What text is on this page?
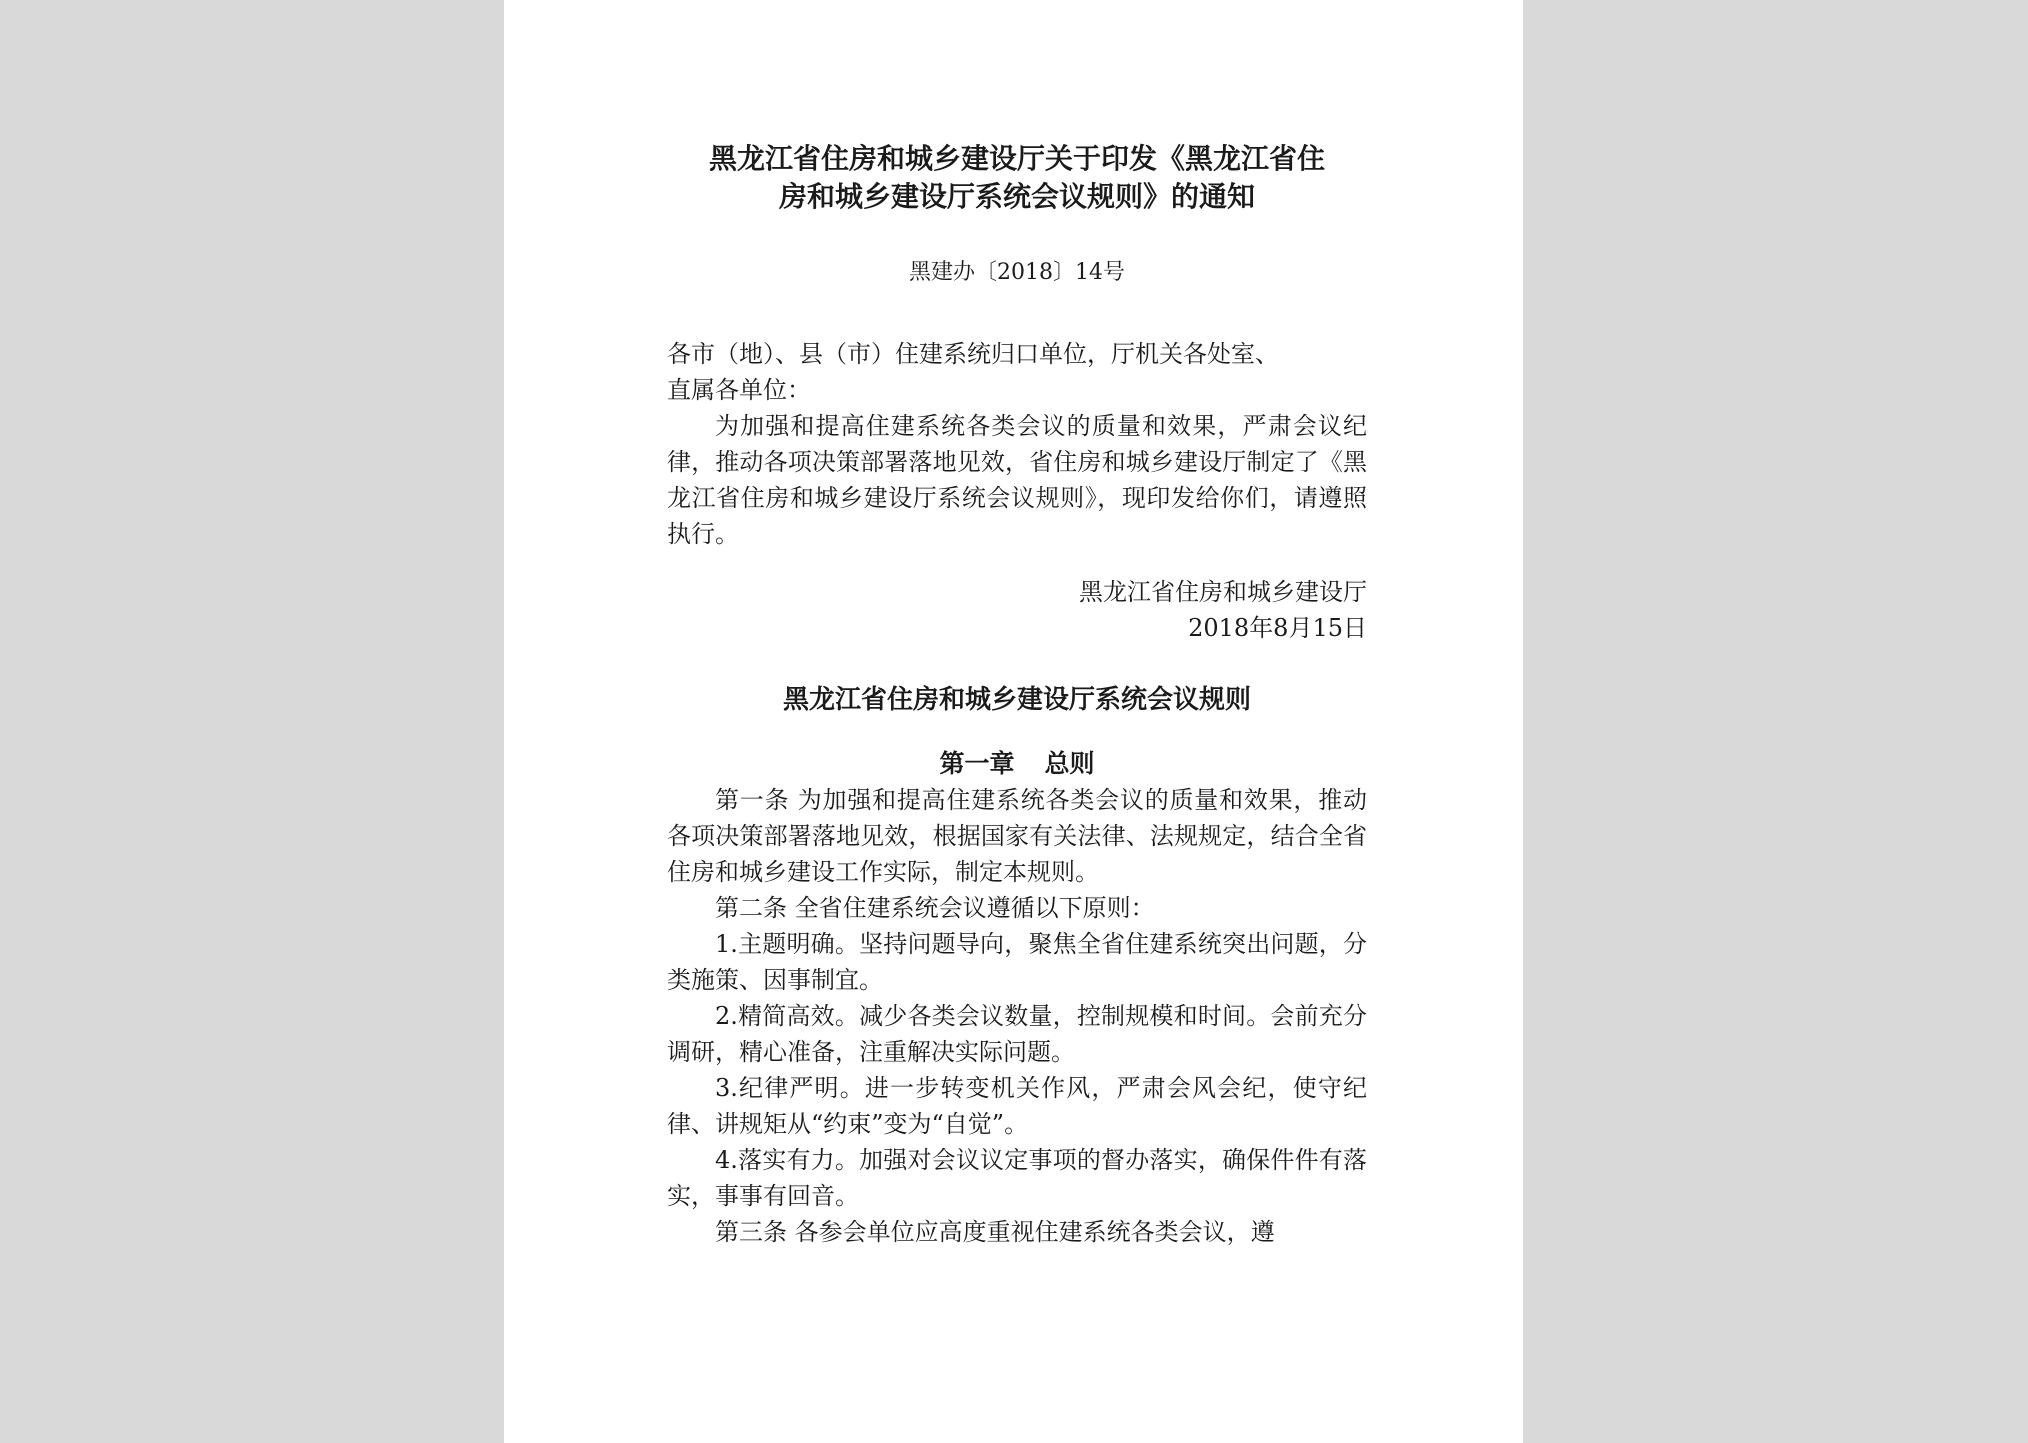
黑龙江省住房和城乡建设厅关于印发《黑龙江省住
房和城乡建设厅系统会议规则》的通知
黑建办〔2018〕14号

各市（地）、县（市）住建系统归口单位，厅机关各处室、

直属各单位：

为加强和提高住建系统各类会议的质量和效果，严肃会议纪律，推动各项决策部署落地见效，省住房和城乡建设厅制定了《黑龙江省住房和城乡建设厅系统会议规则》，现印发给你们，请遵照执行。

黑龙江省住房和城乡建设厅
2018年8月15日
黑龙江省住房和城乡建设厅系统会议规则
第一章 总则

第一条 为加强和提高住建系统各类会议的质量和效果，推动各项决策部署落地见效，根据国家有关法律、法规规定，结合全省住房和城乡建设工作实际，制定本规则。

第二条 全省住建系统会议遵循以下原则：

1.主题明确。坚持问题导向，聚焦全省住建系统突出问题，分类施策、因事制宜。

2.精简高效。减少各类会议数量，控制规模和时间。会前充分调研，精心准备，注重解决实际问题。

3.纪律严明。进一步转变机关作风，严肃会风会纪，使守纪律、讲规矩从“约束”变为“自觉”。

4.落实有力。加强对会议议定事项的督办落实，确保件件有落实，事事有回音。

第三条 各参会单位应高度重视住建系统各类会议，遵
